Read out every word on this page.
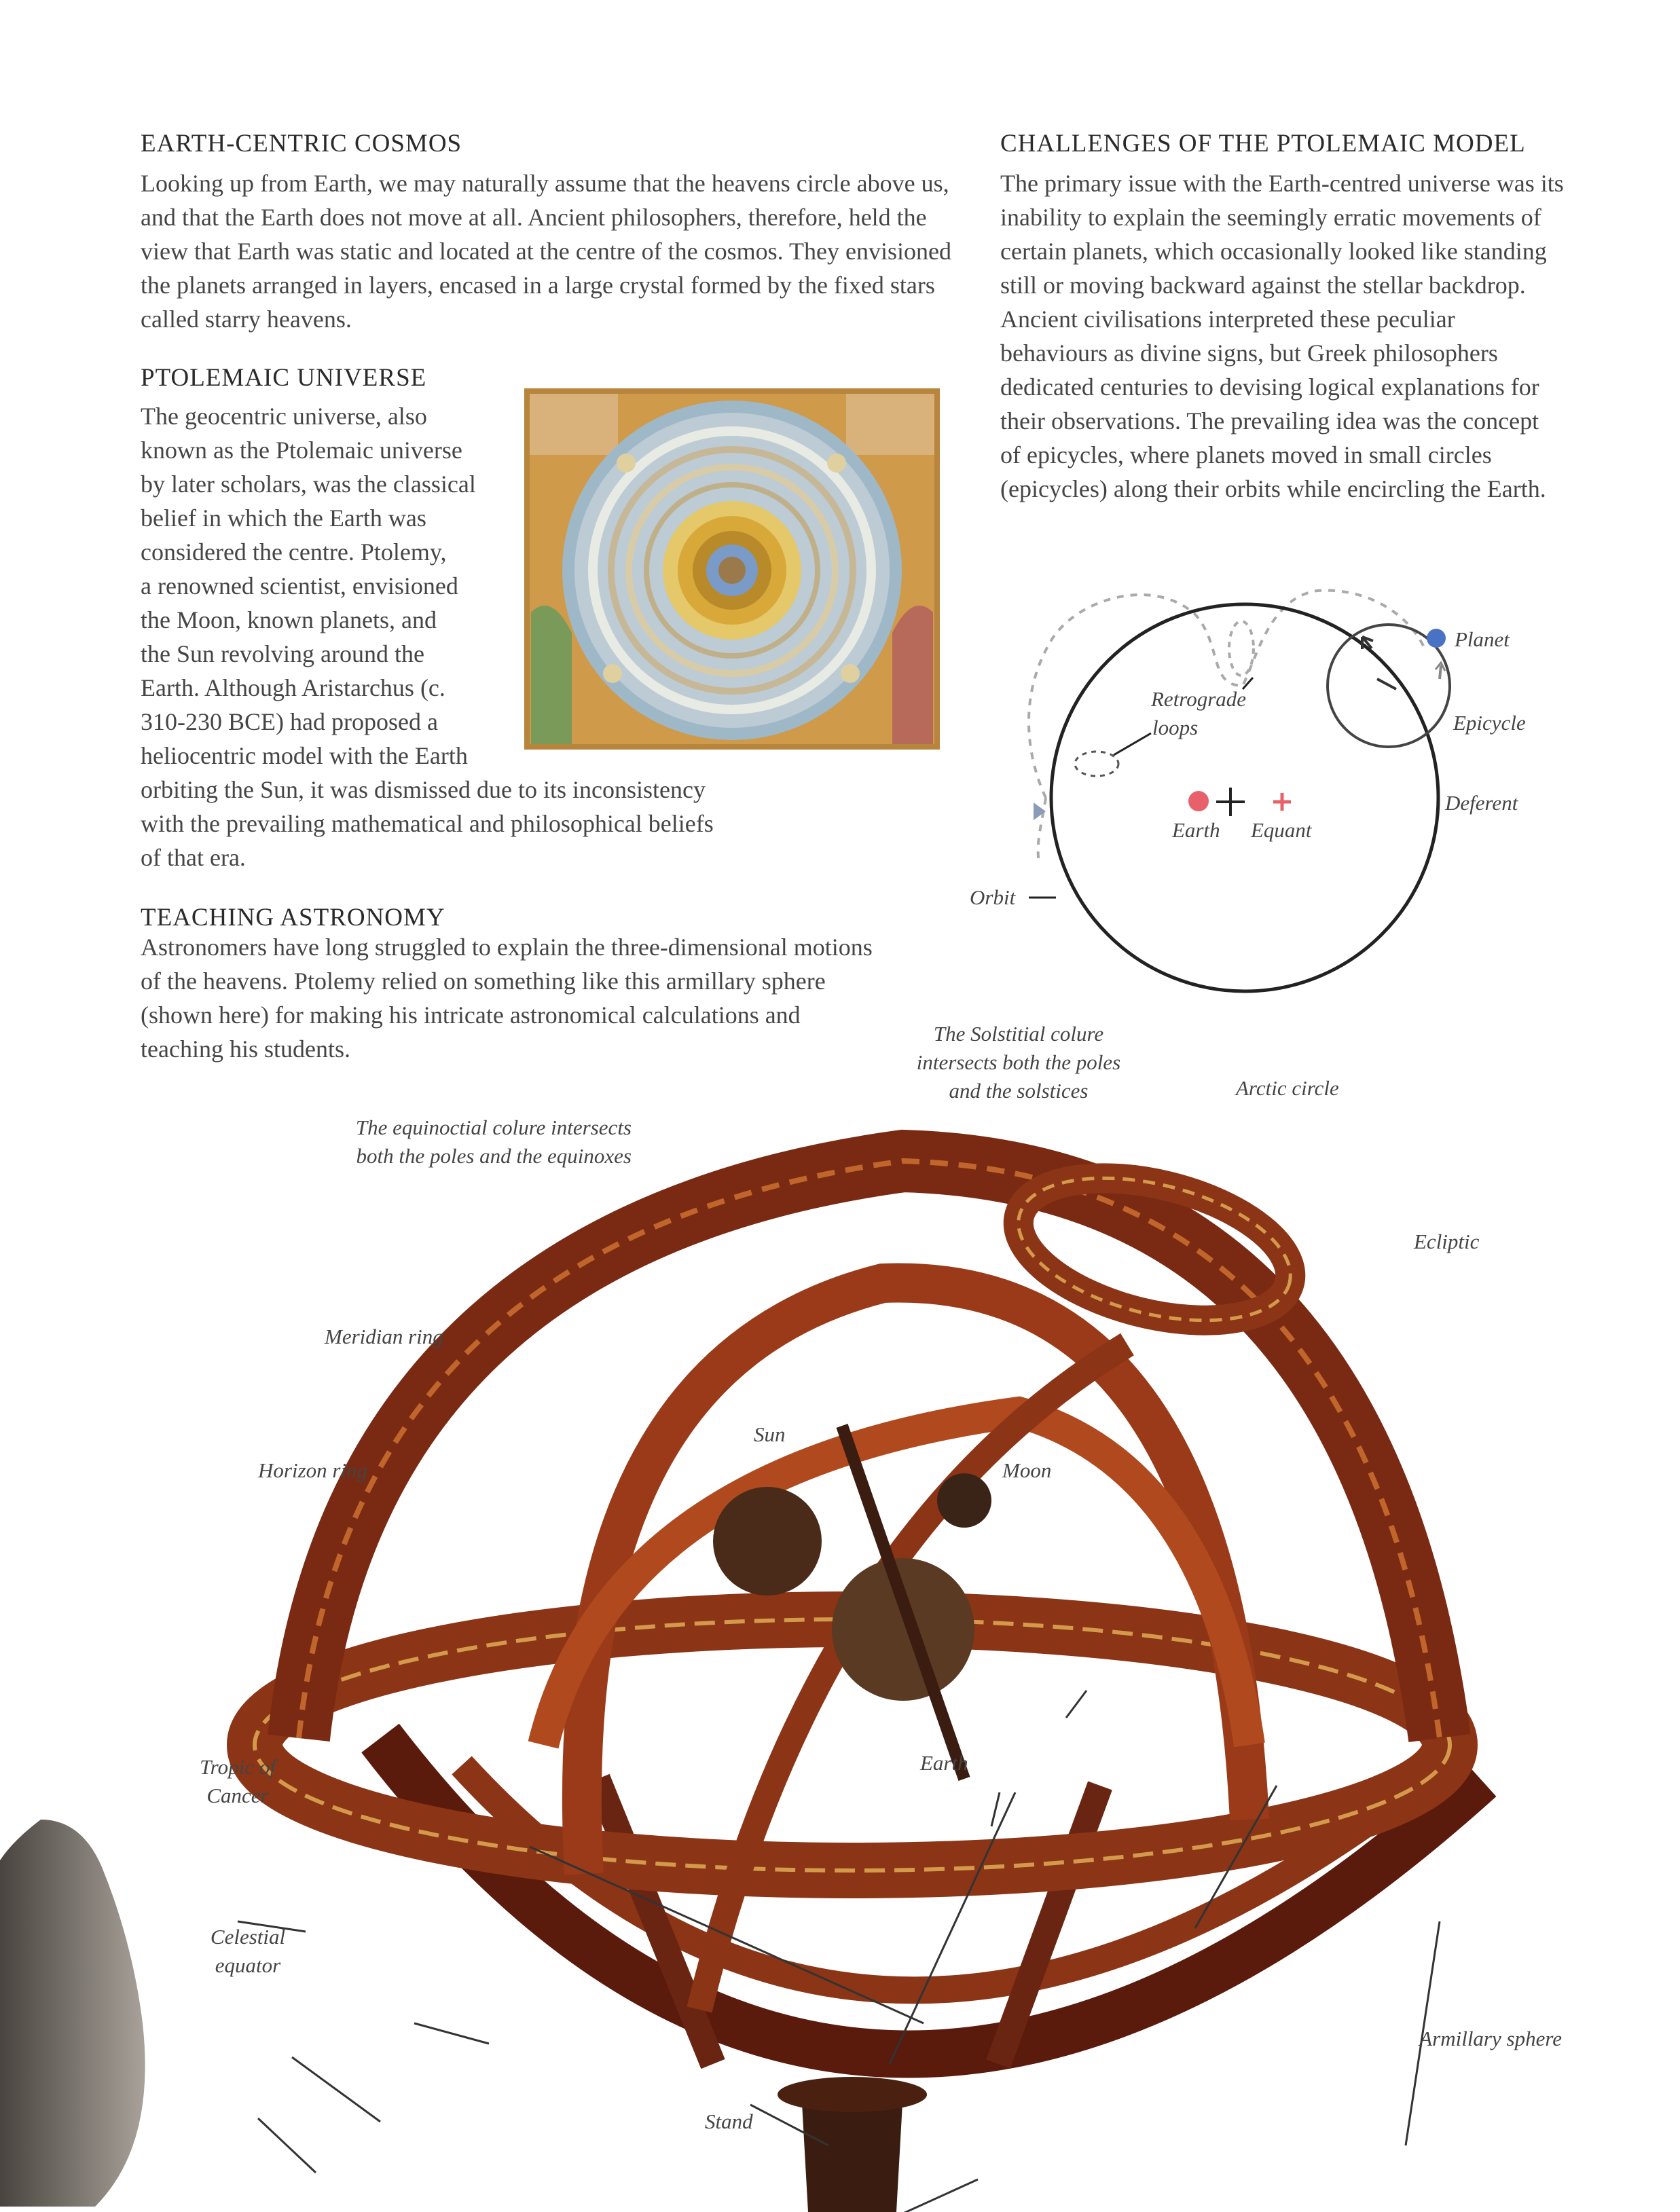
EARTH-CENTRIC COSMOS

Looking up from Earth, we may naturally assume that the heavens circle above us, and that the Earth does not move at all. Ancient philosophers, therefore, held the view that Earth was static and located at the centre of the cosmos. They envisioned the planets arranged in layers, encased in a large crystal formed by the fixed stars called starry heavens.

PTOLEMAIC UNIVERSE
The geocentric universe, also
known as the Ptolemaic universe
by later scholars, was the classical
belief in which the Earth was
considered the centre. Ptolemy,
a renowned scientist, envisioned
the Moon, known planets, and
the Sun revolving around the
Earth. Although Aristarchus (c.
310-230 BCE) had proposed a
heliocentric model with the Earth
orbiting the Sun, it was dismissed due to its inconsistency
with the prevailing mathematical and philosophical beliefs
of that era.
TEACHING ASTRONOMY

Astronomers have long struggled to explain the three-dimensional motions of the heavens. Ptolemy relied on something like this armillary sphere (shown here) for making his intricate astronomical calculations and teaching his students.

CHALLENGES OF THE PTOLEMAIC MODEL

The primary issue with the Earth-centred universe was its inability to explain the seemingly erratic movements of certain planets, which occasionally looked like standing still or moving backward against the stellar backdrop. Ancient civilisations interpreted these peculiar behaviours as divine signs, but Greek philosophers dedicated centuries to devising logical explanations for their observations. The prevailing idea was the concept of epicycles, where planets moved in small circles (epicycles) along their orbits while encircling the Earth.

Planet
Retrograde
loops	Epicycle
Deferent
Earth Equant
Orbit

The Solstitial colure intersects both the poles and the solstices	Arctic circle

The equinoctial colure intersects both the poles and the equinoxes

Ecliptic

Meridian ring

Sun

Moon

Horizon ring

Tropic of
Cancer

Earth

Celestial
equator

Armillary sphere

Stand
